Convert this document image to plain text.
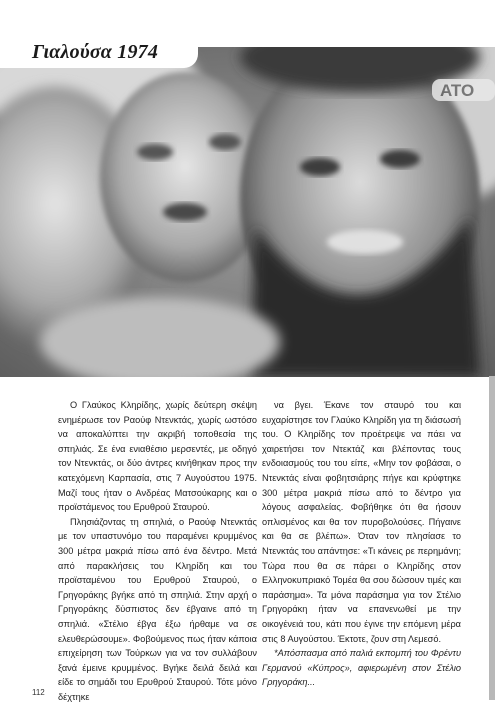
ΑΤΟ
Γιαλούσα 1974

Ο Γλαύκος Κληρίδης, χωρίς δεύτερη σκέψη ενημέρωσε τον Ραούφ Ντενκτάς, χωρίς ωστόσο να αποκαλύπτει την ακριβή τοποθεσία της σπηλιάς. Σε ένα ενιαθέσιο μερσεντές, με οδηγό τον Ντενκτάς, οι δύο άντρες κινήθηκαν προς την κατεχόμενη Καρπασία, στις 7 Αυγούστου 1975. Μαζί τους ήταν ο Ανδρέας Ματσούκαρης και ο προϊστάμενος του Ερυθρού Σταυρού.

Πλησιάζοντας τη σπηλιά, ο Ραούφ Ντενκτάς με τον υπαστυνόμο του παραμένει κρυμμένος 300 μέτρα μακριά πίσω από ένα δέντρο. Μετά από παρακλήσεις του Κληρίδη και του προϊσταμένου του Ερυθρού Σταυρού, ο Γρηγοράκης βγήκε από τη σπηλιά. Στην αρχή ο Γρηγοράκης δύσπιστος δεν έβγαινε από τη σπηλιά. «Στέλιο έβγα έξω ήρθαμε να σε ελευθερώσουμε». Φοβούμενος πως ήταν κάποια επιχείρηση των Τούρκων για να τον συλλάβουν ξανά έμεινε κρυμμένος. Βγήκε δειλά δειλά και είδε το σημάδι του Ερυθρού Σταυρού. Τότε μόνο δέχτηκε

να βγει. Έκανε τον σταυρό του και ευχαρίστησε τον Γλαύκο Κληρίδη για τη διάσωσή του. Ο Κληρίδης τον προέτρεψε να πάει να χαιρετήσει τον Ντεκτάζ και βλέποντας τους ενδοιασμούς του του είπε, «Μην τον φοβάσαι, ο Ντενκτάς είναι φοβητσιάρης πήγε και κρύφτηκε 300 μέτρα μακριά πίσω από το δέντρο για λόγους ασφαλείας. Φοβήθηκε ότι θα ήσουν οπλισμένος και θα τον πυροβολούσες. Πήγαινε και θα σε βλέπω». Όταν τον πλησίασε το Ντενκτάς του απάντησε: «Τι κάνεις ρε περημάνη; Τώρα που θα σε πάρει ο Κληρίδης στον Ελληνοκυπριακό Τομέα θα σου δώσουν τιμές και παράσημα». Τα μόνα παράσημα για τον Στέλιο Γρηγοράκη ήταν να επανενωθεί με την οικογένειά του, κάτι που έγινε την επόμενη μέρα στις 8 Αυγούστου. Έκτοτε, ζουν στη Λεμεσό.

*Απόσπασμα από παλιά εκπομπή του Φρέντυ Γερμανού «Κύπρος», αφιερωμένη στον Στέλιο Γρηγοράκη...

112
